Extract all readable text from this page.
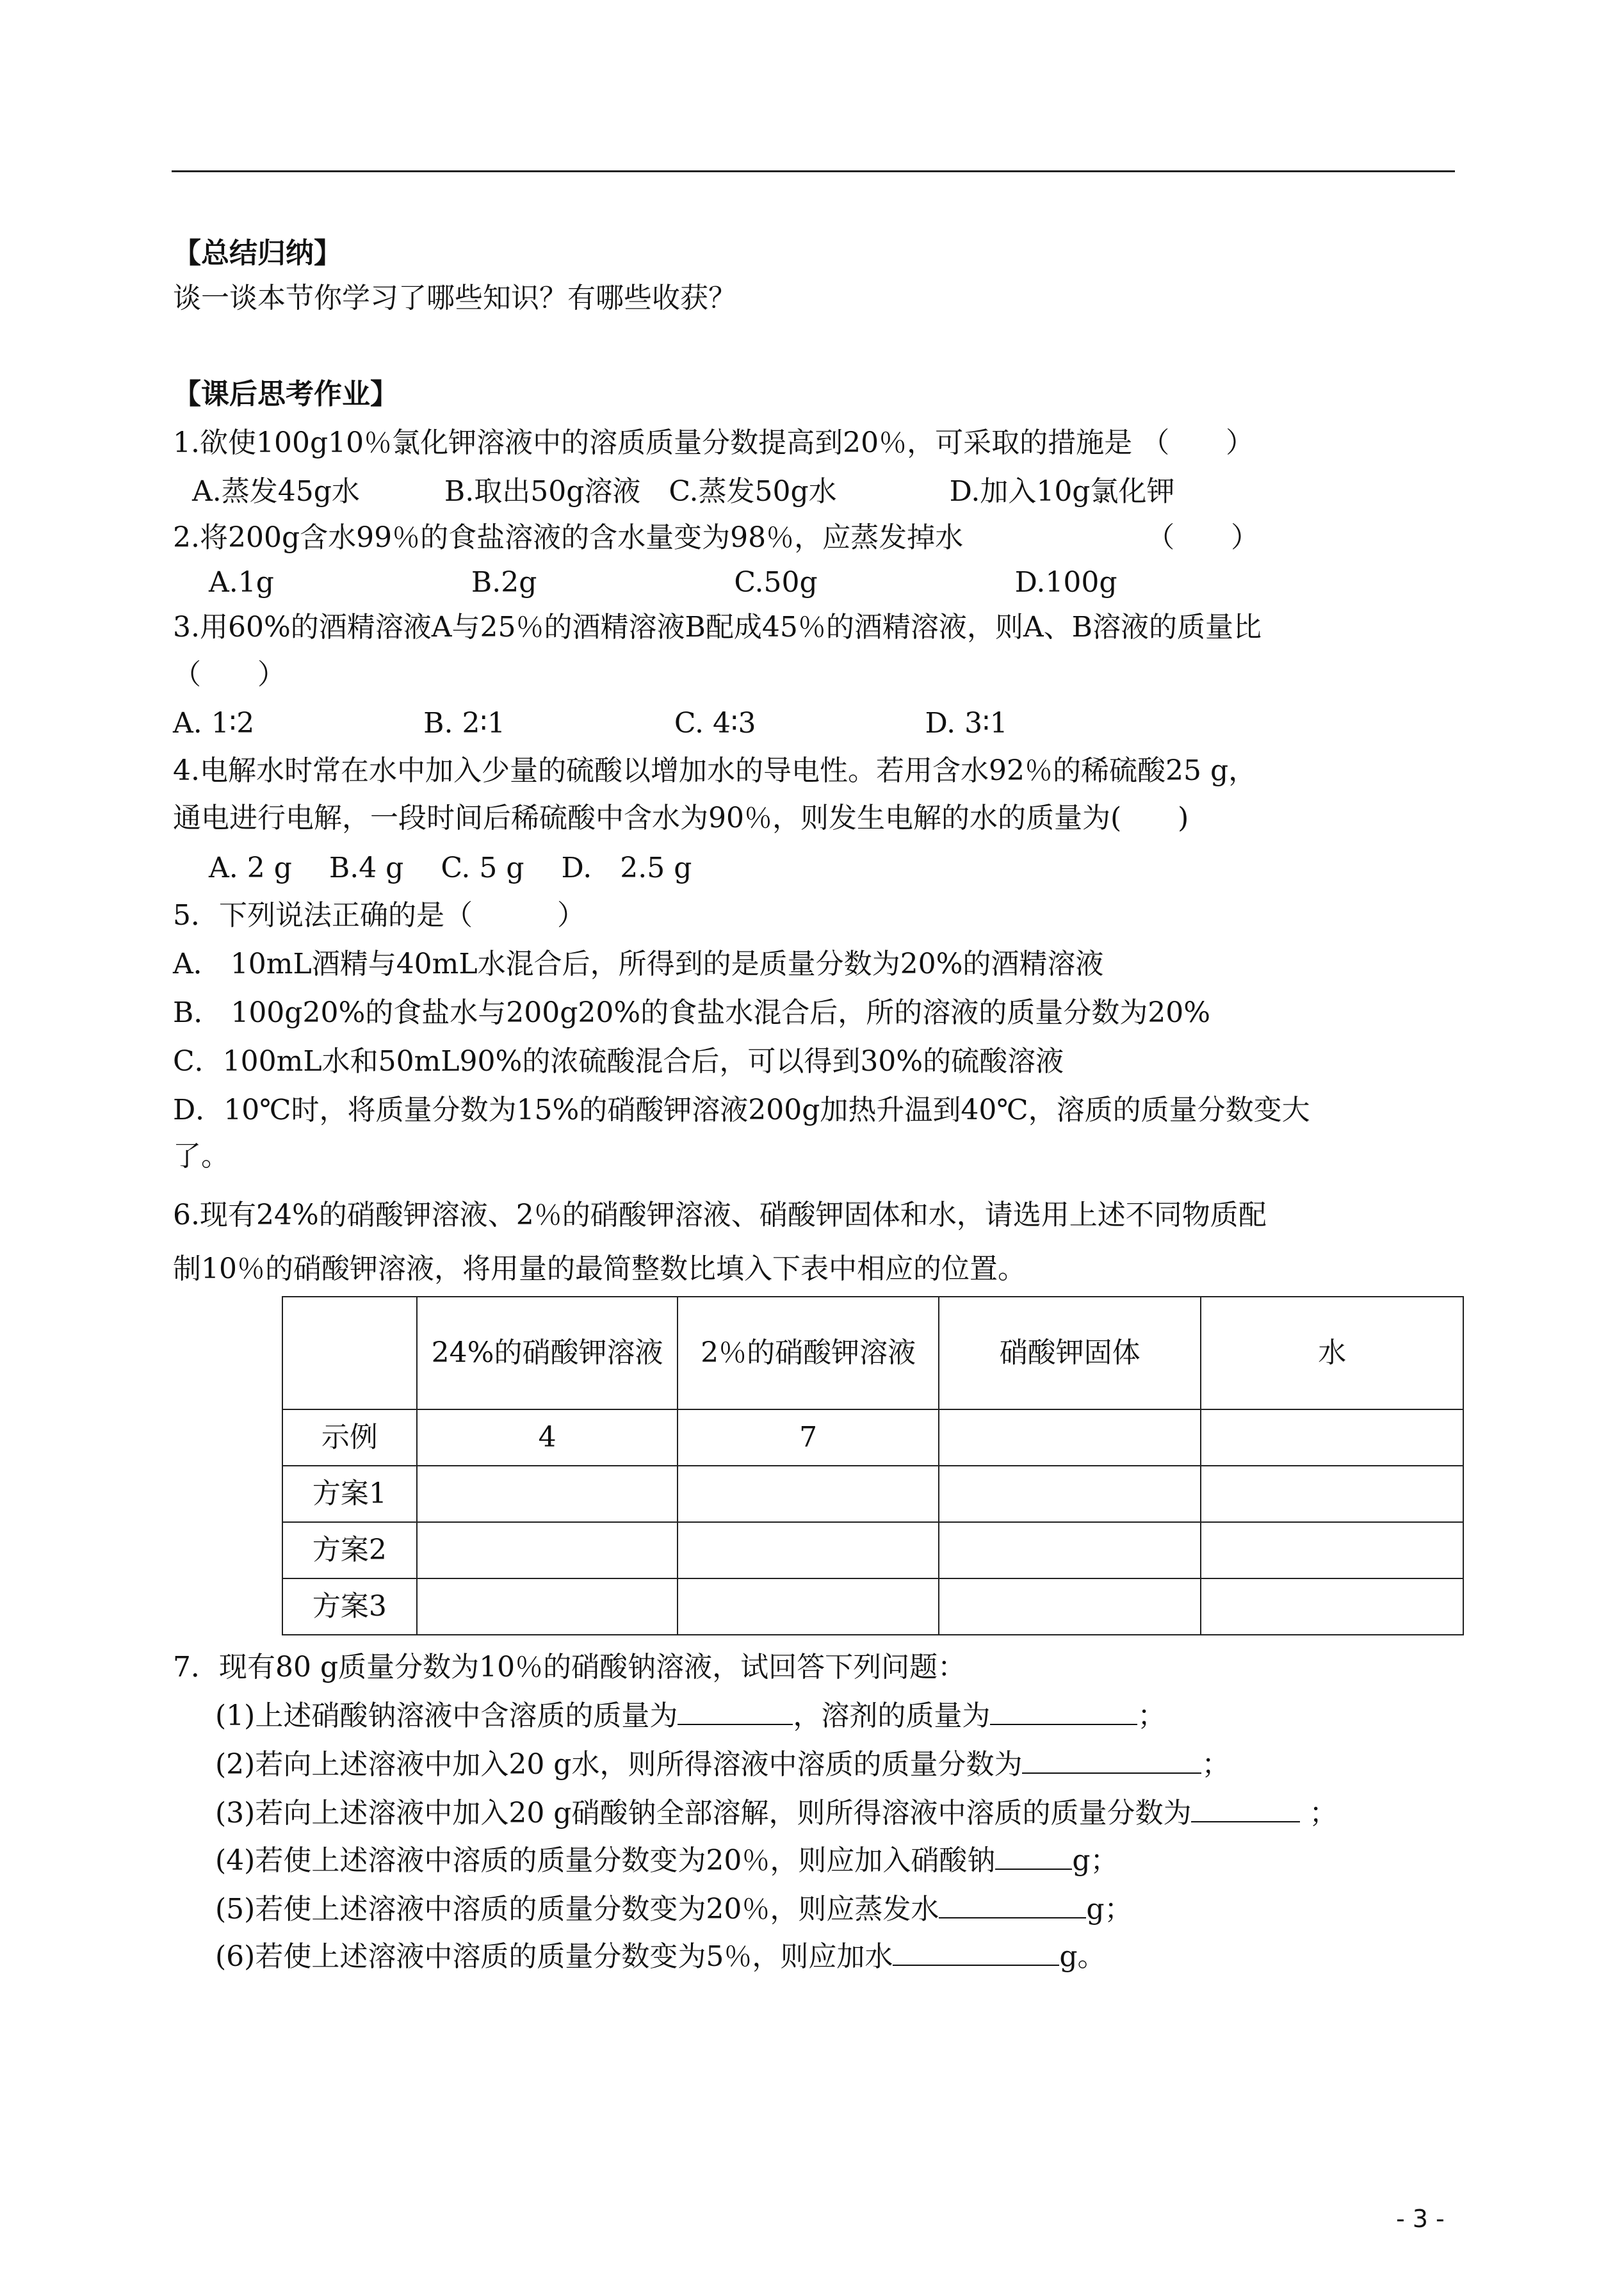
【总结归纳】
谈一谈本节你学习了哪些知识？有哪些收获？
【课后思考作业】
1.欲使100g10％氯化钾溶液中的溶质质量分数提高到20％，可采取的措施是 （　　）
A.蒸发45g水　　　B.取出50g溶液　C.蒸发50g水　　　　D.加入10g氯化钾
2.将200g含水99％的食盐溶液的含水量变为98％，应蒸发掉水　　　　　　　（　　）
A.1g　　　　　　　B.2g　　　　　　　C.50g　　　　　　　D.100g
3.用60%的酒精溶液A与25％的酒精溶液B配成45％的酒精溶液，则A、B溶液的质量比
（　　）
A. 1∶2　　　　　　B. 2∶1　　　　　　C. 4∶3　　　　　　D. 3∶1
4.电解水时常在水中加入少量的硫酸以增加水的导电性。若用含水92％的稀硫酸25 g，
通电进行电解，一段时间后稀硫酸中含水为90％，则发生电解的水的质量为(　　)
A. 2 g　 B.4 g　 C. 5 g　 D.　2.5 g
5．下列说法正确的是（　　　）
A． 10mL酒精与40mL水混合后，所得到的是质量分数为20%的酒精溶液
B． 100g20%的食盐水与200g20%的食盐水混合后，所的溶液的质量分数为20%
C．100mL水和50mL90%的浓硫酸混合后，可以得到30%的硫酸溶液
D．10℃时，将质量分数为15%的硝酸钾溶液200g加热升温到40℃，溶质的质量分数变大
了。
6.现有24%的硝酸钾溶液、2％的硝酸钾溶液、硝酸钾固体和水，请选用上述不同物质配
制10％的硝酸钾溶液，将用量的最简整数比填入下表中相应的位置。
	24%的硝酸钾溶液	2％的硝酸钾溶液	硝酸钾固体	水
示例	4	7		
方案1				
方案2				
方案3				
7．现有80 g质量分数为10％的硝酸钠溶液，试回答下列问题：
(1)上述硝酸钠溶液中含溶质的质量为	，溶剂的质量为	；
(2)若向上述溶液中加入20 g水，则所得溶液中溶质的质量分数为	；
(3)若向上述溶液中加入20 g硝酸钠全部溶解，则所得溶液中溶质的质量分数为	；
(4)若使上述溶液中溶质的质量分数变为20％，则应加入硝酸钠	g；
(5)若使上述溶液中溶质的质量分数变为20％，则应蒸发水	g；
(6)若使上述溶液中溶质的质量分数变为5％，则应加水	g。
- 3 -
